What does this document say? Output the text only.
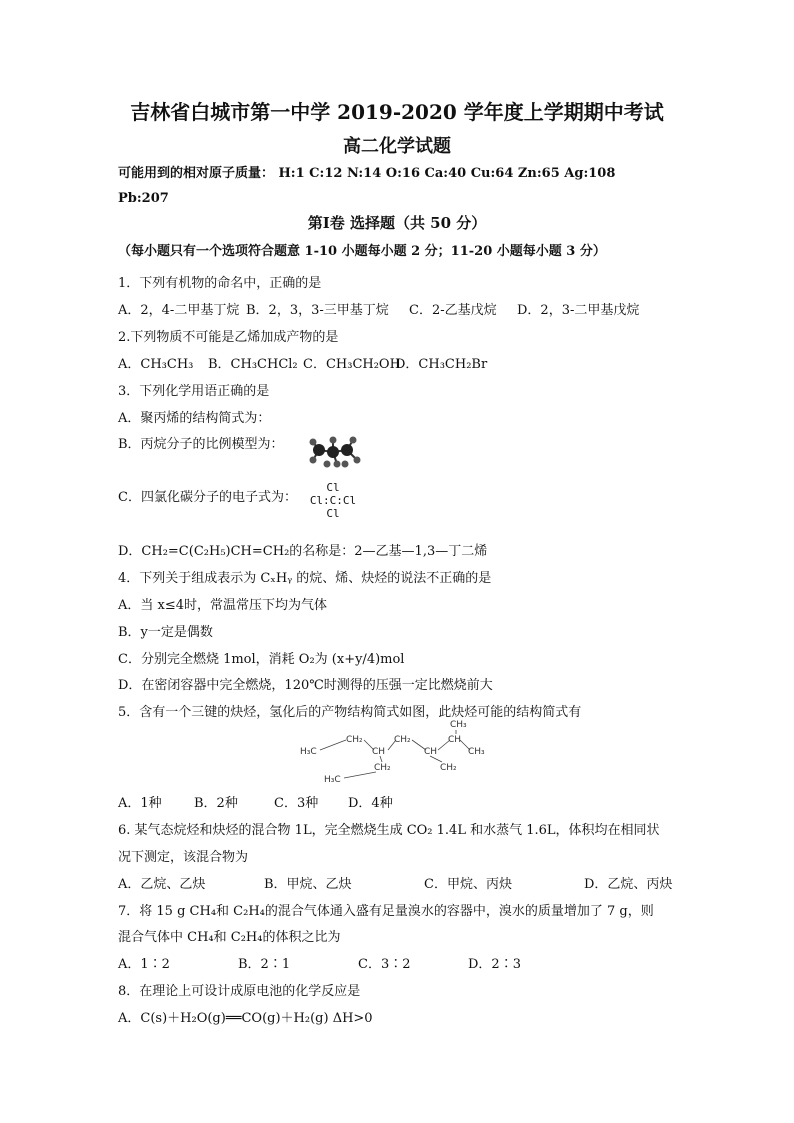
吉林省白城市第一中学 2019-2020 学年度上学期期中考试
高二化学试题
可能用到的相对原子质量： H:1 C:12 N:14 O:16 Ca:40 Cu:64 Zn:65 Ag:108
Pb:207
第Ⅰ卷 选择题（共 50 分）
（每小题只有一个选项符合题意 1-10 小题每小题 2 分；11-20 小题每小题 3 分）
1．下列有机物的命名中，正确的是
A．2，4-二甲基丁烷 B．2，3，3-三甲基丁烷 C．2-乙基戊烷 D．2，3-二甲基戊烷
2.下列物质不可能是乙烯加成产物的是
A．CH₃CH₃ B．CH₃CHCl₂ C．CH₃CH₂OHD．CH₃CH₂Br
3．下列化学用语正确的是
A．聚丙烯的结构简式为：
B．丙烷分子的比例模型为：
C．四氯化碳分子的电子式为：
Cl
Cl:C:Cl
Cl
D．CH₂=C(C₂H₅)CH=CH₂的名称是：2—乙基—1,3—丁二烯
4．下列关于组成表示为 CₓHᵧ 的烷、烯、炔烃的说法不正确的是
A．当 x≤4时，常温常压下均为气体
B．y一定是偶数
C．分别完全燃烧 1mol，消耗 O₂为 (x+y/4)mol
D．在密闭容器中完全燃烧，120℃时测得的压强一定比燃烧前大
5．含有一个三键的炔烃，氢化后的产物结构简式如图，此炔烃可能的结构简式有
CH₃
H₃C
CH₂
CH
CH₂
CH
CH
CH₃
H₃C
CH₂	CH₂
A．1种 B．2种	C．3种 D．4种
6. 某气态烷烃和炔烃的混合物 1L，完全燃烧生成 CO₂ 1.4L 和水蒸气 1.6L，体积均在相同状
况下测定，该混合物为
A．乙烷、乙炔	B．甲烷、乙炔	C．甲烷、丙炔	D．乙烷、丙炔
7．将 15 g CH₄和 C₂H₄的混合气体通入盛有足量溴水的容器中，溴水的质量增加了 7 g，则
混合气体中 CH₄和 C₂H₄的体积之比为
A．1∶2	B．2∶1	C．3∶2	D．2∶3
8．在理论上可设计成原电池的化学反应是
A．C(s)＋H₂O(g)══CO(g)＋H₂(g) ΔH>0
